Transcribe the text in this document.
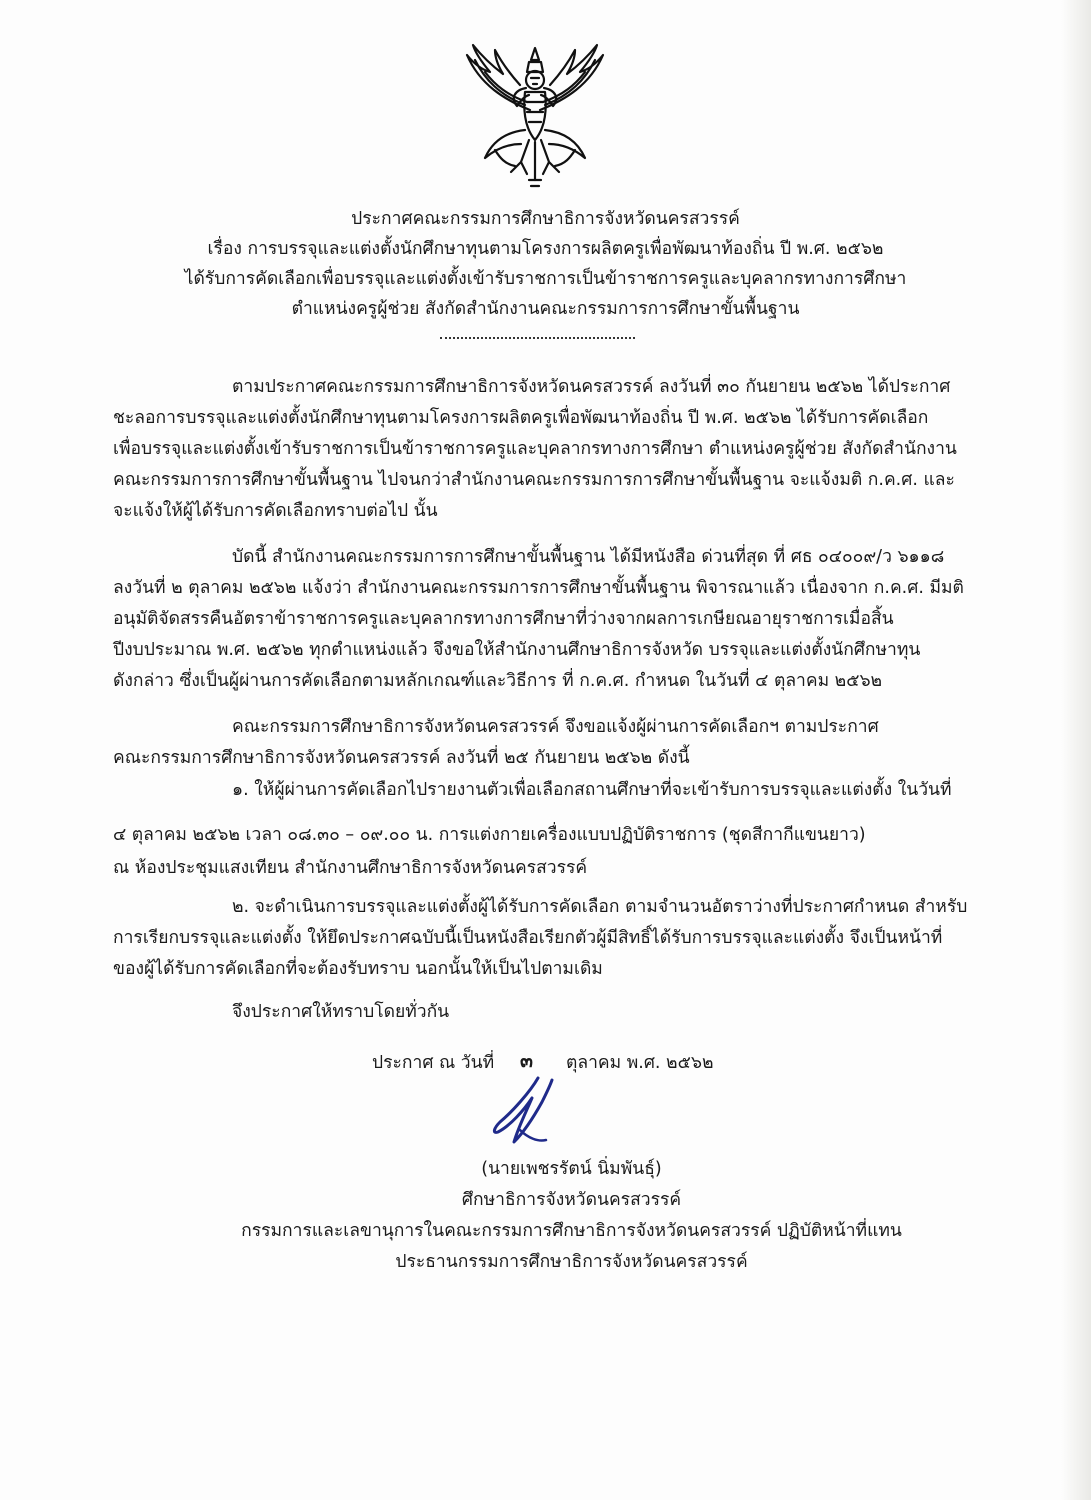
ประกาศคณะกรรมการศึกษาธิการจังหวัดนครสวรรค์
เรื่อง การบรรจุและแต่งตั้งนักศึกษาทุนตามโครงการผลิตครูเพื่อพัฒนาท้องถิ่น ปี พ.ศ. ๒๕๖๒
ได้รับการคัดเลือกเพื่อบรรจุและแต่งตั้งเข้ารับราชการเป็นข้าราชการครูและบุคลากรทางการศึกษา
ตำแหน่งครูผู้ช่วย สังกัดสำนักงานคณะกรรมการการศึกษาขั้นพื้นฐาน
ตามประกาศคณะกรรมการศึกษาธิการจังหวัดนครสวรรค์ ลงวันที่ ๓๐ กันยายน ๒๕๖๒ ได้ประกาศ
ชะลอการบรรจุและแต่งตั้งนักศึกษาทุนตามโครงการผลิตครูเพื่อพัฒนาท้องถิ่น ปี พ.ศ. ๒๕๖๒ ได้รับการคัดเลือก
เพื่อบรรจุและแต่งตั้งเข้ารับราชการเป็นข้าราชการครูและบุคลากรทางการศึกษา ตำแหน่งครูผู้ช่วย สังกัดสำนักงาน
คณะกรรมการการศึกษาขั้นพื้นฐาน ไปจนกว่าสำนักงานคณะกรรมการการศึกษาขั้นพื้นฐาน จะแจ้งมติ ก.ค.ศ. และ
จะแจ้งให้ผู้ได้รับการคัดเลือกทราบต่อไป นั้น
บัดนี้ สำนักงานคณะกรรมการการศึกษาขั้นพื้นฐาน ได้มีหนังสือ ด่วนที่สุด ที่ ศธ ๐๔๐๐๙/ว ๖๑๑๘
ลงวันที่ ๒ ตุลาคม ๒๕๖๒ แจ้งว่า สำนักงานคณะกรรมการการศึกษาขั้นพื้นฐาน พิจารณาแล้ว เนื่องจาก ก.ค.ศ. มีมติ
อนุมัติจัดสรรคืนอัตราข้าราชการครูและบุคลากรทางการศึกษาที่ว่างจากผลการเกษียณอายุราชการเมื่อสิ้น
ปีงบประมาณ พ.ศ. ๒๕๖๒ ทุกตำแหน่งแล้ว จึงขอให้สำนักงานศึกษาธิการจังหวัด บรรจุและแต่งตั้งนักศึกษาทุน
ดังกล่าว ซึ่งเป็นผู้ผ่านการคัดเลือกตามหลักเกณฑ์และวิธีการ ที่ ก.ค.ศ. กำหนด ในวันที่ ๔ ตุลาคม ๒๕๖๒
คณะกรรมการศึกษาธิการจังหวัดนครสวรรค์ จึงขอแจ้งผู้ผ่านการคัดเลือกฯ ตามประกาศ
คณะกรรมการศึกษาธิการจังหวัดนครสวรรค์ ลงวันที่ ๒๕ กันยายน ๒๕๖๒ ดังนี้
๑. ให้ผู้ผ่านการคัดเลือกไปรายงานตัวเพื่อเลือกสถานศึกษาที่จะเข้ารับการบรรจุและแต่งตั้ง ในวันที่
๔ ตุลาคม ๒๕๖๒ เวลา ๐๘.๓๐ – ๐๙.๐๐ น. การแต่งกายเครื่องแบบปฏิบัติราชการ (ชุดสีกากีแขนยาว)
ณ ห้องประชุมแสงเทียน สำนักงานศึกษาธิการจังหวัดนครสวรรค์
๒. จะดำเนินการบรรจุและแต่งตั้งผู้ได้รับการคัดเลือก ตามจำนวนอัตราว่างที่ประกาศกำหนด สำหรับ
การเรียกบรรจุและแต่งตั้ง ให้ยึดประกาศฉบับนี้เป็นหนังสือเรียกตัวผู้มีสิทธิ์ได้รับการบรรจุและแต่งตั้ง จึงเป็นหน้าที่
ของผู้ได้รับการคัดเลือกที่จะต้องรับทราบ นอกนั้นให้เป็นไปตามเดิม
จึงประกาศให้ทราบโดยทั่วกัน
ประกาศ ณ วันที่ ๓ ตุลาคม พ.ศ. ๒๕๖๒
(นายเพชรรัตน์ นิ่มพันธุ์)
ศึกษาธิการจังหวัดนครสวรรค์
กรรมการและเลขานุการในคณะกรรมการศึกษาธิการจังหวัดนครสวรรค์ ปฏิบัติหน้าที่แทน
ประธานกรรมการศึกษาธิการจังหวัดนครสวรรค์
